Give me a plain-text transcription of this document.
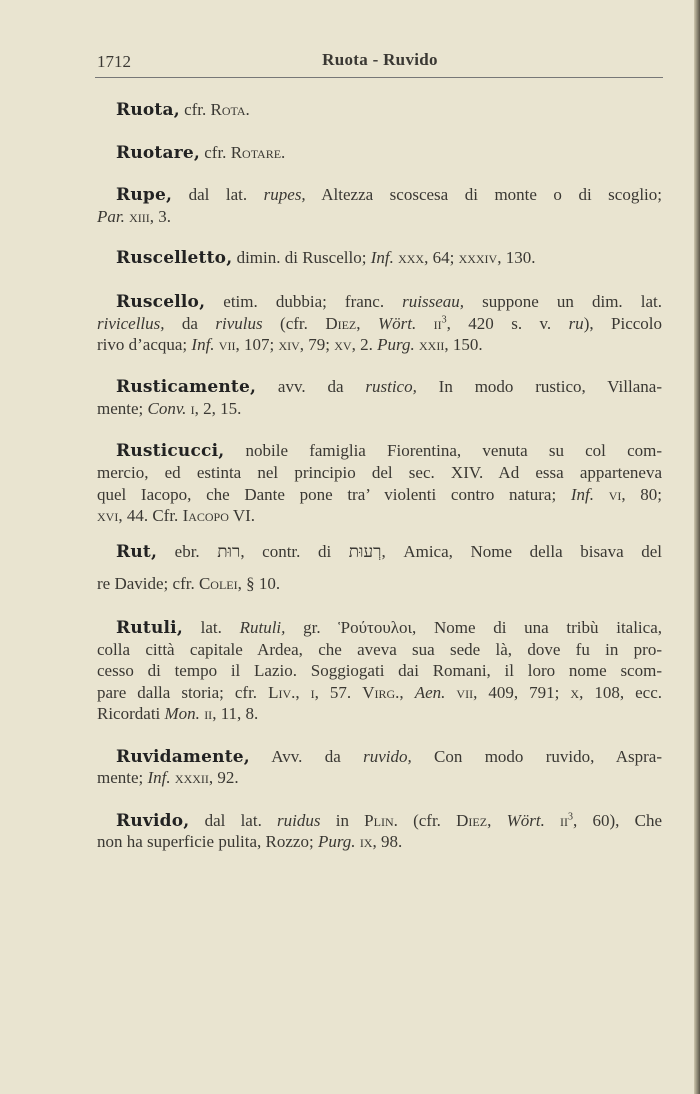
1712	Ruota - Ruvido
Ruota, cfr. Rota.
Ruotare, cfr. Rotare.
Rupe, dal lat. rupes, Altezza scoscesa di monte o di scoglio;
Par. xiii, 3.
Ruscelletto, dimin. di Ruscello; Inf. xxx, 64; xxxiv, 130.
Ruscello, etim. dubbia; franc. ruisseau, suppone un dim. lat.
rivicellus, da rivulus (cfr. Diez, Wört. $ii^3$, 420 s. v. ru), Piccolo
rivo d’acqua; Inf. vii, 107; xiv, 79; xv, 2. Purg. xxii, 150.
Rusticamente, avv. da rustico, In modo rustico, Villana-
mente; Conv. i, 2, 15.
Rusticucci, nobile famiglia Fiorentina, venuta su col com-
mercio, ed estinta nel principio del sec. XIV. Ad essa apparteneva
quel Iacopo, che Dante pone tra’ violenti contro natura; Inf. vi, 80;
xvi, 44. Cfr. Iacopo VI.
Rut, ebr. רוּת, contr. di רְעוּת, Amica, Nome della bisava del
re Davide; cfr. Colei, § 10.
Rutuli, lat. Rutuli, gr. Ῥούτουλοι, Nome di una tribù italica,
colla città capitale Ardea, che aveva sua sede là, dove fu in pro-
cesso di tempo il Lazio. Soggiogati dai Romani, il loro nome scom-
pare dalla storia; cfr. Liv., i, 57. Virg., Aen. vii, 409, 791; x, 108, ecc.
Ricordati Mon. ii, 11, 8.
Ruvidamente, Avv. da ruvido, Con modo ruvido, Aspra-
mente; Inf. xxxii, 92.
Ruvido, dal lat. ruidus in Plin. (cfr. Diez, Wört. $ii^3$, 60), Che
non ha superficie pulita, Rozzo; Purg. ix, 98.
